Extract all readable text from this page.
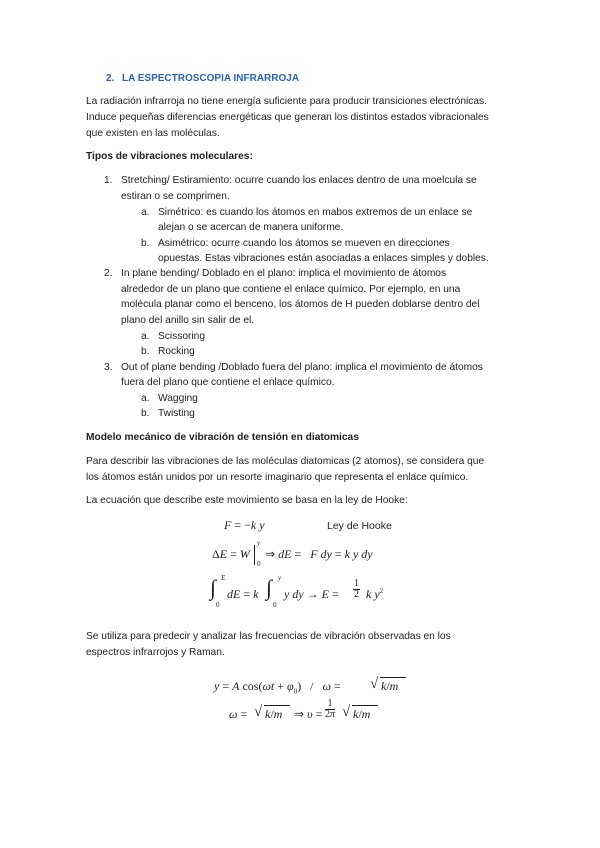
2. LA ESPECTROSCOPIA INFRARROJA
La radiación infrarroja no tiene energía suficiente para producir transiciones electrónicas.
Induce pequeñas diferencias energéticas que generan los distintos estados vibracionales
que existen en las moléculas.
Tipos de vibraciones moleculares:
1. Stretching/ Estiramiento: ocurre cuando los enlaces dentro de una moelcula se
estiran o se comprimen.
a. Simétrico: es cuando los átomos en mabos extremos de un enlace se
alejan o se acercan de manera uniforme.
b. Asimétrico: ocurre cuando los átomos se mueven en direcciones
opuestas. Estas vibraciones están asociadas a enlaces simples y dobles.
2. In plane bending/ Doblado en el plano: implica el movimiento de átomos
alrededor de un plano que contiene el enlace químico. Por ejemplo, en una
molécula planar como el benceno, los átomos de H pueden doblarse dentro del
plano del anillo sin salir de el.
a. Scissoring
b. Rocking
3. Out of plane bending /Doblado fuera del plano: implica el movimiento de átomos
fuera del plano que contiene el enlace químico.
a. Wagging
b. Twisting
Modelo mecánico de vibración de tensión en diatomicas
Para describir las vibraciones de las moléculas diatomicas (2 atomos), se considera que
los átomos están unidos por un resorte imaginario que representa el enlace químico.
La ecuación que describe este movimiento se basa en la ley de Hooke:
F = −k y	Ley de Hooke
ΔE = W
y
0
⇒ dE =   F dy = k y dy
∫ E
0
dE = k ∫ y
0
y dy → $E = \frac{1}{2}$ k $y^2$
Se utiliza para predecir y analizar las frecuencias de vibración observadas en los
espectros infrarrojos y Raman.
y = A $\cos(\omega t + \varphi_0) / \omega$ = √ k/m
ω = √ k/m ⇒ $\upsilon = \frac{1}{2\pi}$ √ k/m
